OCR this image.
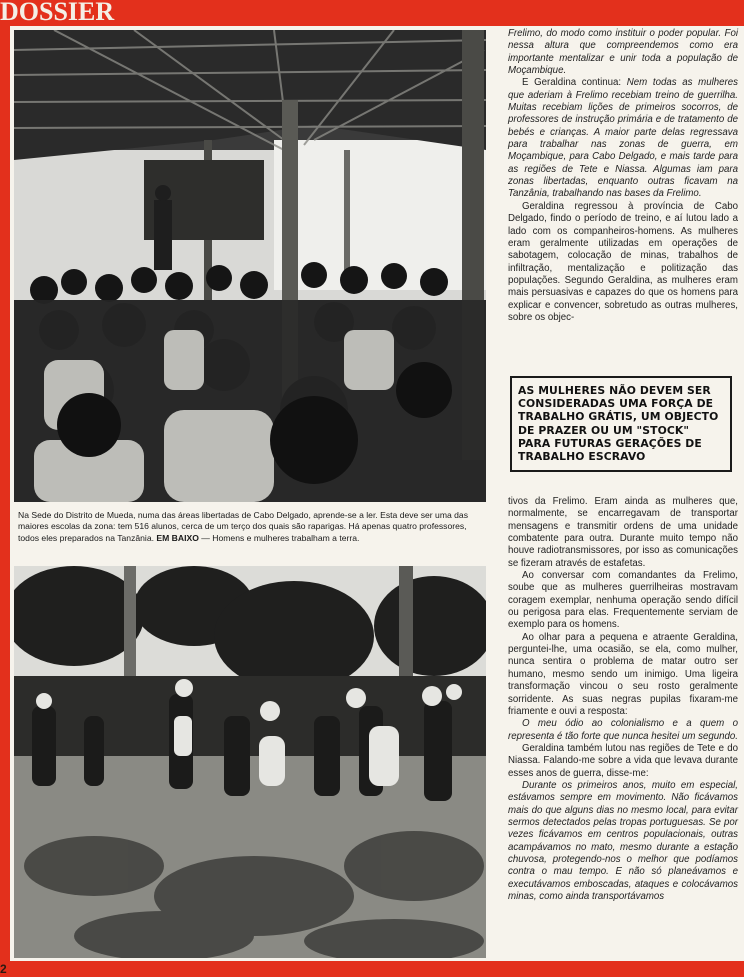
DOSSIER
Na Sede do Distrito de Mueda, numa das áreas libertadas de Cabo Delgado, aprende-se a ler. Esta deve ser uma das maiores escolas da zona: tem 516 alunos, cerca de um terço dos quais são raparigas. Há apenas quatro professores, todos eles preparados na Tanzânia. EM BAIXO — Homens e mulheres trabalham a terra.

Frelimo, do modo como instituir o poder popular. Foi nessa altura que compreendemos como era importante mentalizar e unir toda a população de Moçambique.

E Geraldina continua: Nem todas as mulheres que aderiam à Frelimo recebiam treino de guerrilha. Muitas recebiam lições de primeiros socorros, de professores de instrução primária e de tratamento de bebés e crianças. A maior parte delas regressava para trabalhar nas zonas de guerra, em Moçambique, para Cabo Delgado, e mais tarde para as regiões de Tete e Niassa. Algumas iam para zonas libertadas, enquanto outras ficavam na Tanzânia, trabalhando nas bases da Frelimo.

Geraldina regressou à província de Cabo Delgado, findo o período de treino, e aí lutou lado a lado com os companheiros-homens. As mulheres eram geralmente utilizadas em operações de sabotagem, colocação de minas, trabalhos de infiltração, mentalização e politização das populações. Segundo Geraldina, as mulheres eram mais persuasivas e capazes do que os homens para explicar e convencer, sobretudo as outras mulheres, sobre os objec-

AS MULHERES NÃO DEVEM SER CONSIDERADAS UMA FORÇA DE TRABALHO GRÁTIS, UM OBJECTO DE PRAZER OU UM "STOCK" PARA FUTURAS GERAÇÕES DE TRABALHO ESCRAVO

tivos da Frelimo. Eram ainda as mulheres que, normalmente, se encarregavam de transportar mensagens e transmitir ordens de uma unidade combatente para outra. Durante muito tempo não houve radiotransmissores, por isso as comunicações se fizeram através de estafetas.

Ao conversar com comandantes da Frelimo, soube que as mulheres guerrilheiras mostravam coragem exemplar, nenhuma operação sendo difícil ou perigosa para elas. Frequentemente serviam de exemplo para os homens.

Ao olhar para a pequena e atraente Geraldina, perguntei-lhe, uma ocasião, se ela, como mulher, nunca sentira o problema de matar outro ser humano, mesmo sendo um inimigo. Uma ligeira transformação vincou o seu rosto geralmente sorridente. As suas negras pupilas fixaram-me friamente e ouvi a resposta:

O meu ódio ao colonialismo e a quem o representa é tão forte que nunca hesitei um segundo.

Geraldina também lutou nas regiões de Tete e do Niassa. Falando-me sobre a vida que levava durante esses anos de guerra, disse-me:

Durante os primeiros anos, muito em especial, estávamos sempre em movimento. Não ficávamos mais do que alguns dias no mesmo local, para evitar sermos detectados pelas tropas portuguesas. Se por vezes ficávamos em centros populacionais, outras acampávamos no mato, mesmo durante a estação chuvosa, protegendo-nos o melhor que podíamos contra o mau tempo. E não só planeávamos e executávamos emboscadas, ataques e colocávamos minas, como ainda transportávamos

2
